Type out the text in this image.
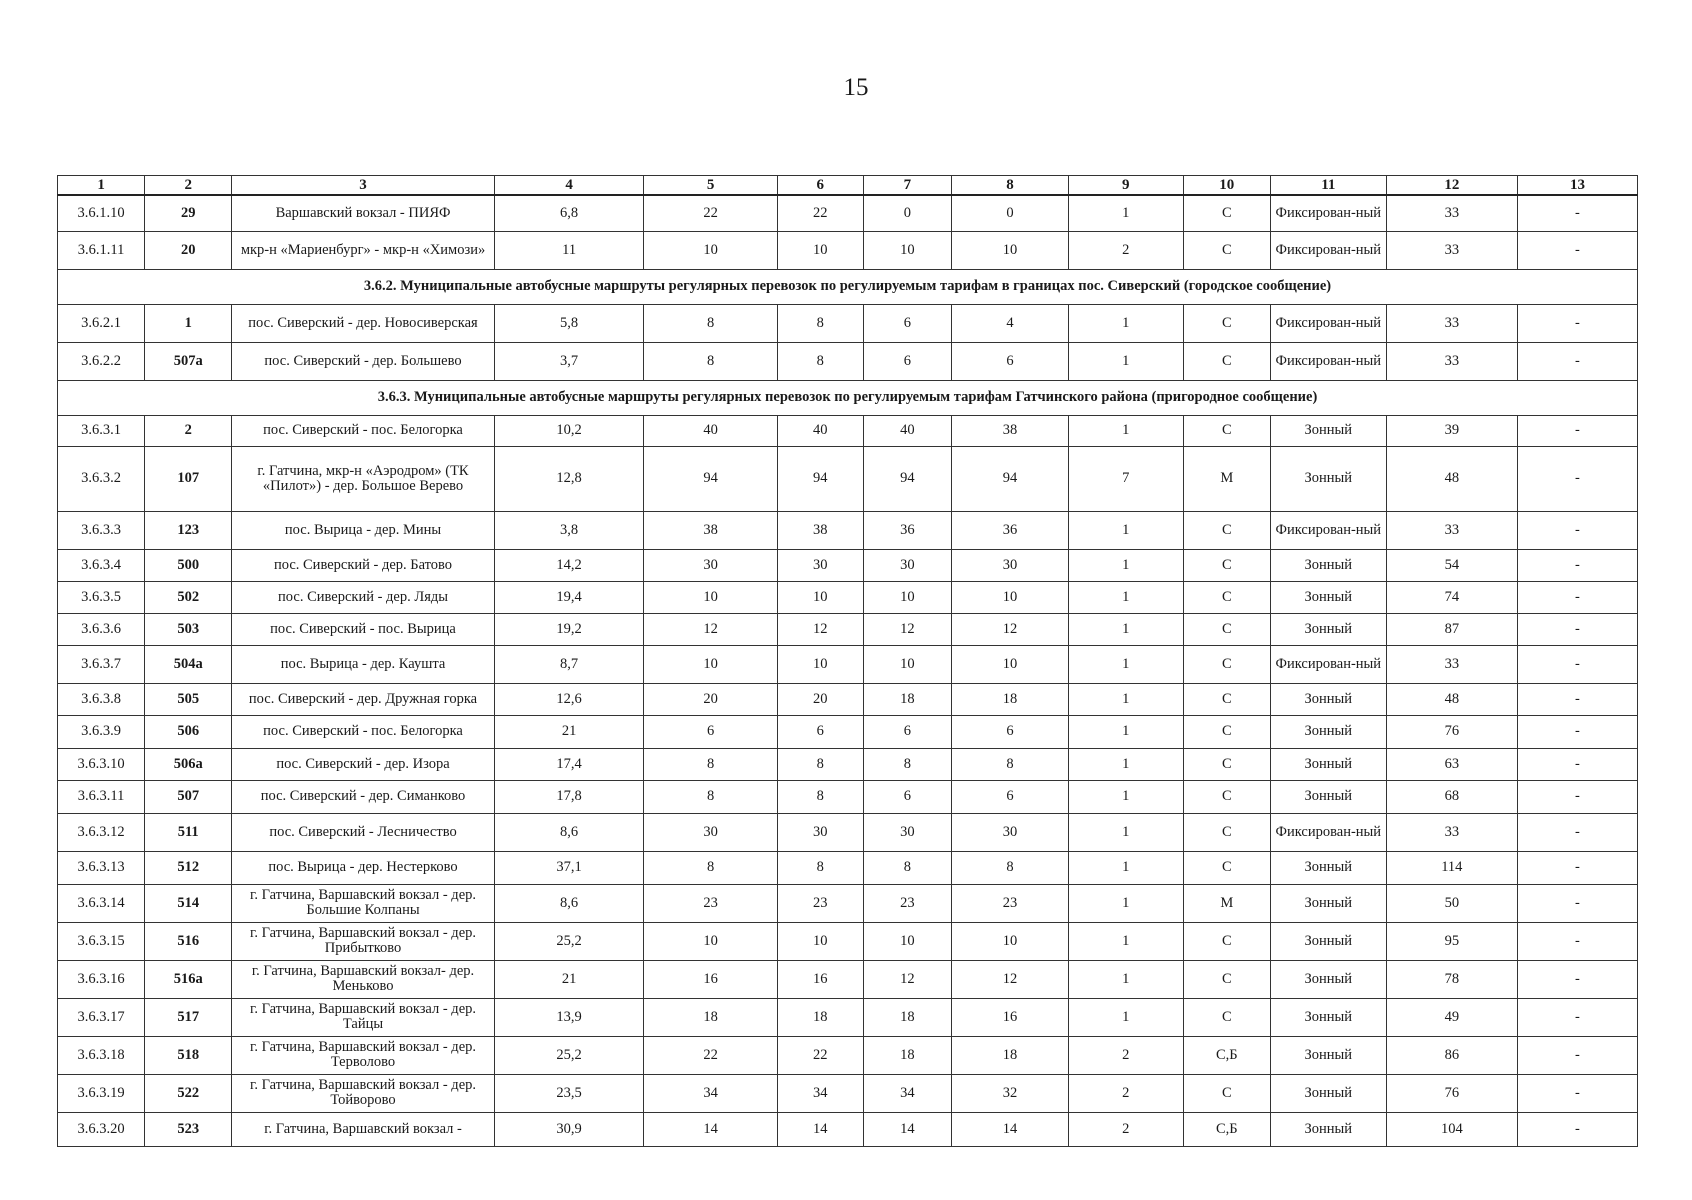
15
1	2	3	4	5	6	7	8	9	10	11	12	13
3.6.1.10	29	Варшавский вокзал - ПИЯФ	6,8	22	22	0	0	1	С	Фиксирован-ный	33	-
3.6.1.11	20	мкр-н «Мариенбург» - мкр-н «Химози»	11	10	10	10	10	2	С	Фиксирован-ный	33	-
3.6.2. Муниципальные автобусные маршруты регулярных перевозок по регулируемым тарифам в границах пос. Сиверский (городское сообщение)												
3.6.2.1	1	пос. Сиверский - дер. Новосиверская	5,8	8	8	6	4	1	С	Фиксирован-ный	33	-
3.6.2.2	507а	пос. Сиверский - дер. Большево	3,7	8	8	6	6	1	С	Фиксирован-ный	33	-
3.6.3. Муниципальные автобусные маршруты регулярных перевозок по регулируемым тарифам Гатчинского района (пригородное сообщение)												
3.6.3.1	2	пос. Сиверский - пос. Белогорка	10,2	40	40	40	38	1	С	Зонный	39	-
3.6.3.2	107	г. Гатчина, мкр-н «Аэродром» (ТК «Пилот») - дер. Большое Верево	12,8	94	94	94	94	7	М	Зонный	48	-
3.6.3.3	123	пос. Вырица - дер. Мины	3,8	38	38	36	36	1	С	Фиксирован-ный	33	-
3.6.3.4	500	пос. Сиверский - дер. Батово	14,2	30	30	30	30	1	С	Зонный	54	-
3.6.3.5	502	пос. Сиверский - дер. Ляды	19,4	10	10	10	10	1	С	Зонный	74	-
3.6.3.6	503	пос. Сиверский - пос. Вырица	19,2	12	12	12	12	1	С	Зонный	87	-
3.6.3.7	504а	пос. Вырица - дер. Каушта	8,7	10	10	10	10	1	С	Фиксирован-ный	33	-
3.6.3.8	505	пос. Сиверский - дер. Дружная горка	12,6	20	20	18	18	1	С	Зонный	48	-
3.6.3.9	506	пос. Сиверский - пос. Белогорка	21	6	6	6	6	1	С	Зонный	76	-
3.6.3.10	506а	пос. Сиверский - дер. Изора	17,4	8	8	8	8	1	С	Зонный	63	-
3.6.3.11	507	пос. Сиверский - дер. Симанково	17,8	8	8	6	6	1	С	Зонный	68	-
3.6.3.12	511	пос. Сиверский - Лесничество	8,6	30	30	30	30	1	С	Фиксирован-ный	33	-
3.6.3.13	512	пос. Вырица - дер. Нестерково	37,1	8	8	8	8	1	С	Зонный	114	-
3.6.3.14	514	г. Гатчина, Варшавский вокзал - дер. Большие Колпаны	8,6	23	23	23	23	1	М	Зонный	50	-
3.6.3.15	516	г. Гатчина, Варшавский вокзал - дер. Прибытково	25,2	10	10	10	10	1	С	Зонный	95	-
3.6.3.16	516а	г. Гатчина, Варшавский вокзал- дер. Меньково	21	16	16	12	12	1	С	Зонный	78	-
3.6.3.17	517	г. Гатчина, Варшавский вокзал - дер. Тайцы	13,9	18	18	18	16	1	С	Зонный	49	-
3.6.3.18	518	г. Гатчина, Варшавский вокзал - дер. Терволово	25,2	22	22	18	18	2	С,Б	Зонный	86	-
3.6.3.19	522	г. Гатчина, Варшавский вокзал - дер. Тойворово	23,5	34	34	34	32	2	С	Зонный	76	-
3.6.3.20	523	г. Гатчина, Варшавский вокзал -	30,9	14	14	14	14	2	С,Б	Зонный	104	-
